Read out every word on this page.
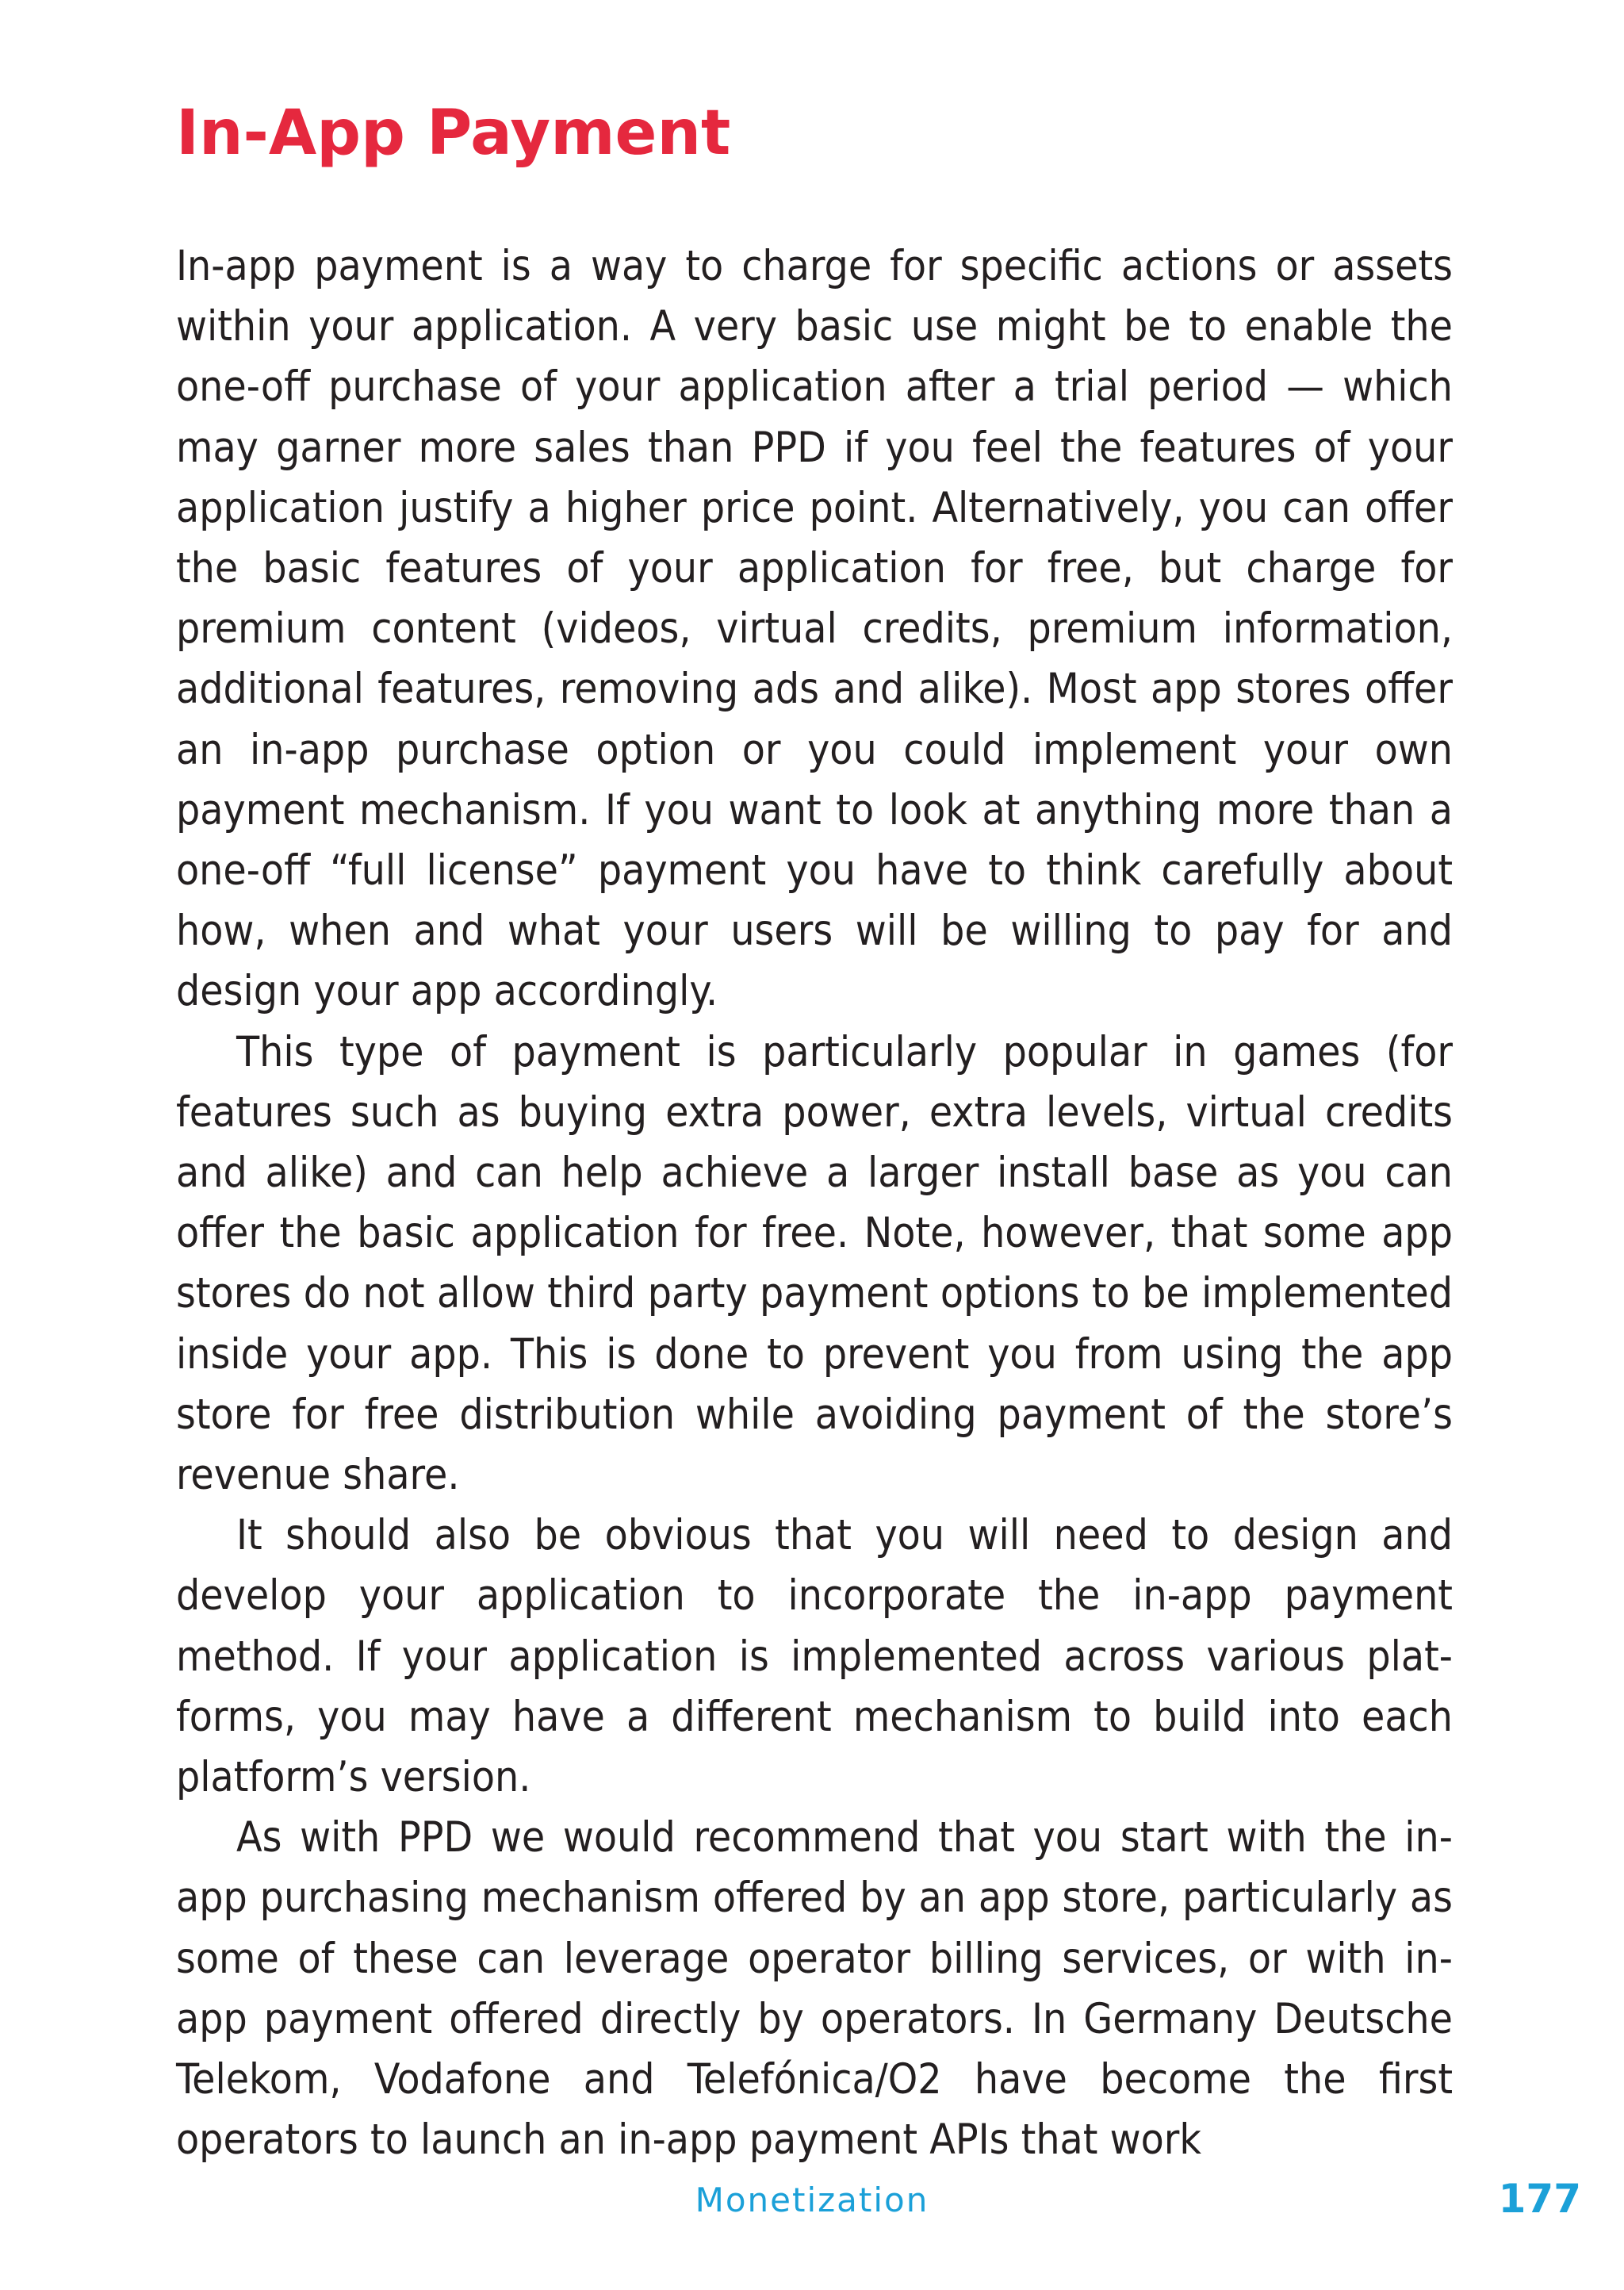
In-App Payment

In-app payment is a way to charge for specific actions or assets within your application. A very basic use might be to enable the one-off purchase of your application after a trial period — which may garner more sales than PPD if you feel the features of your application justify a higher price point. Alternatively, you can offer the basic features of your application for free, but charge for premium content (videos, virtual credits, premium information, additional features, removing ads and alike). Most app stores offer an in-app purchase option or you could implement your own payment mechanism. If you want to look at anything more than a one-off “full license” payment you have to think carefully about how, when and what your users will be willing to pay for and design your app accordingly.

This type of payment is particularly popular in games (for features such as buying extra power, extra levels, virtual credits and alike) and can help achieve a larger install base as you can offer the basic application for free. Note, however, that some app stores do not allow third party payment options to be implemented inside your app. This is done to prevent you from using the app store for free distribution while avoiding payment of the store’s revenue share.

It should also be obvious that you will need to design and develop your application to incorporate the in-app payment method. If your application is implemented across various platforms, you may have a different mechanism to build into each platform’s version.

As with PPD we would recommend that you start with the in-app purchasing mechanism offered by an app store, particularly as some of these can leverage operator billing services, or with in-app payment offered directly by operators. In Germany Deutsche Telekom, Vodafone and Telefónica/O2 have become the first operators to launch an in-app payment APIs that work

Monetization	177
